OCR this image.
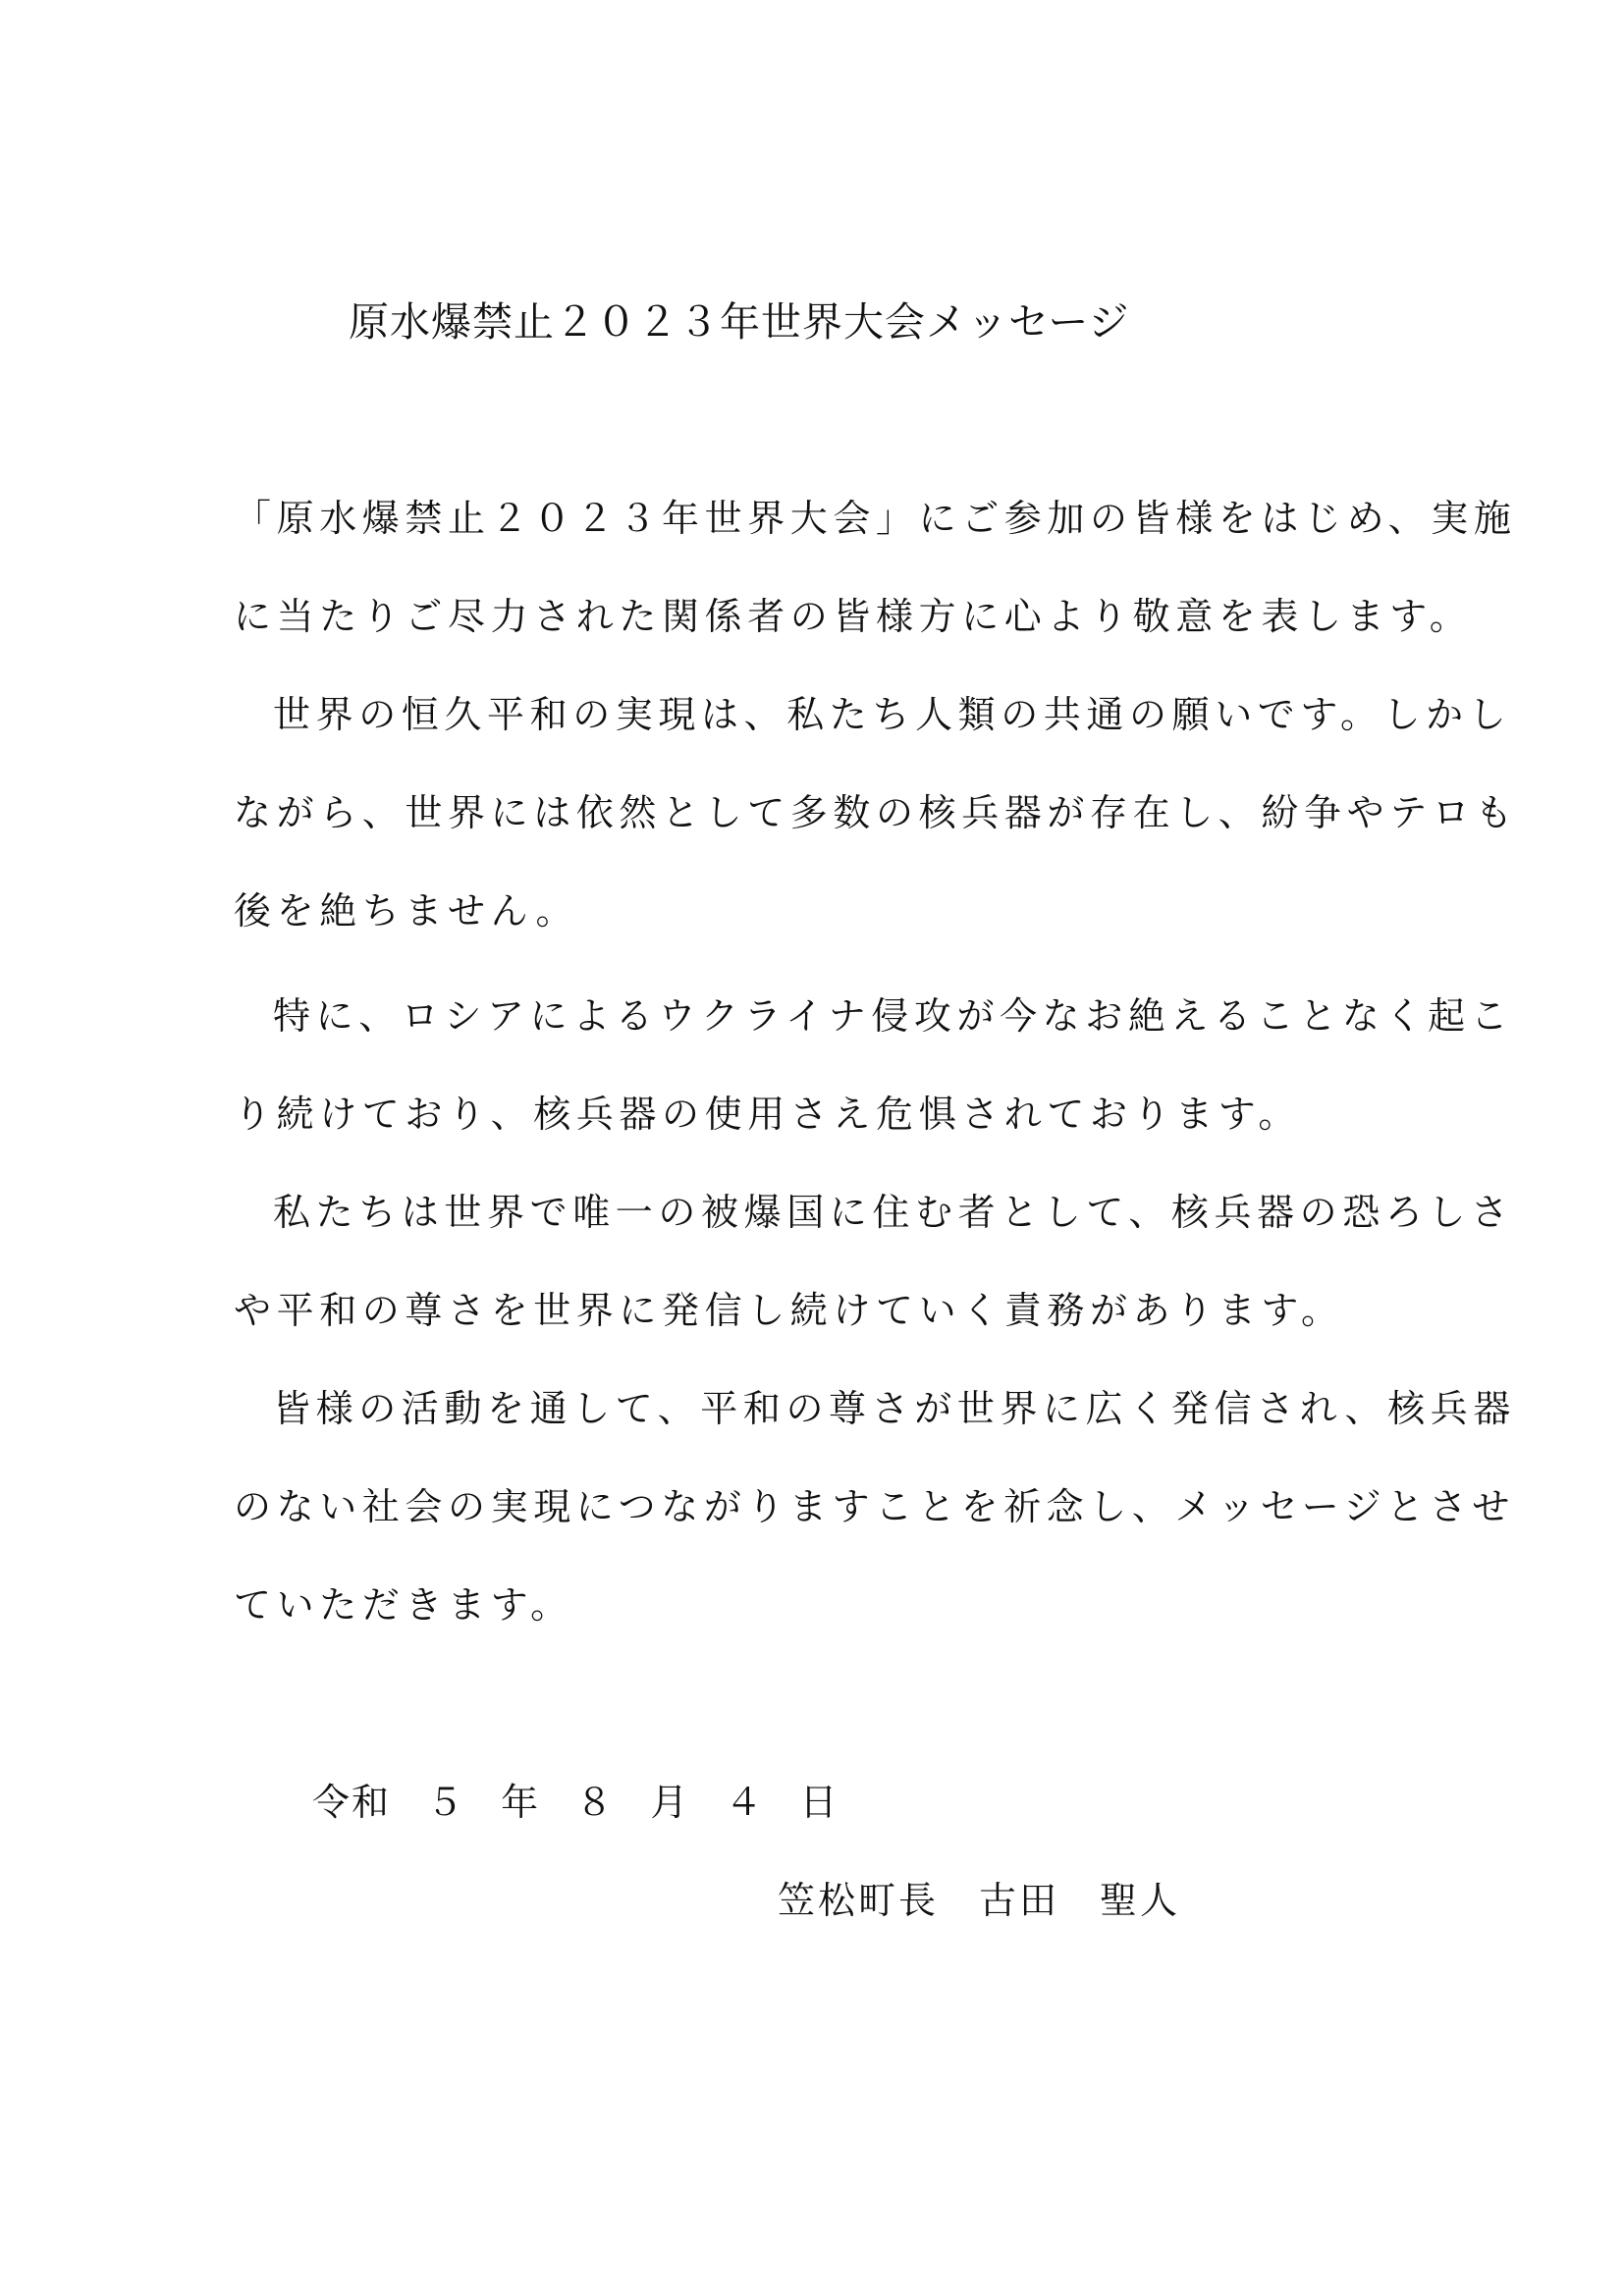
原水爆禁止２０２３年世界大会メッセージ
「原水爆禁止２０２３年世界大会」にご参加の皆様をはじめ、実施
に当たりご尽力された関係者の皆様方に心より敬意を表します。
世界の恒久平和の実現は、私たち人類の共通の願いです。しかし
ながら、世界には依然として多数の核兵器が存在し、紛争やテロも
後を絶ちません。
特に、ロシアによるウクライナ侵攻が今なお絶えることなく起こ
り続けており、核兵器の使用さえ危惧されております。
私たちは世界で唯一の被爆国に住む者として、核兵器の恐ろしさ
や平和の尊さを世界に発信し続けていく責務があります。
皆様の活動を通して、平和の尊さが世界に広く発信され、核兵器
のない社会の実現につながりますことを祈念し、メッセージとさせ
ていただきます。
令和 ５ 年 ８ 月 ４ 日
笠松町長　古田　聖人
